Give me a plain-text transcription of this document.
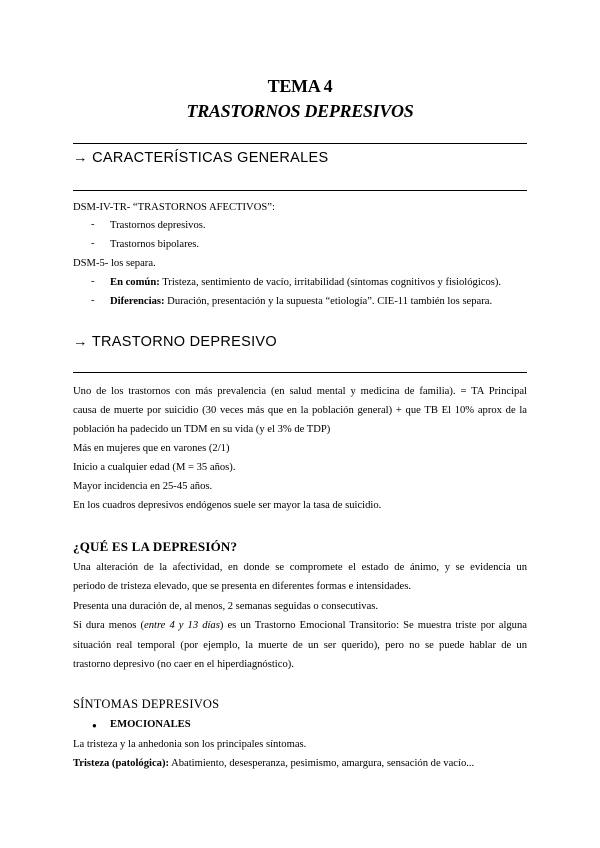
TEMA 4
TRASTORNOS DEPRESIVOS
→ CARACTERÍSTICAS GENERALES
DSM-IV-TR- “TRASTORNOS AFECTIVOS”:
- Trastornos depresivos.
- Trastornos bipolares.
DSM-5- los separa.
- En común: Tristeza, sentimiento de vacío, irritabilidad (síntomas cognitivos y fisiológicos).
- Diferencias: Duración, presentación y la supuesta “etiología”. CIE-11 también los separa.
→ TRASTORNO DEPRESIVO
Uno de los trastornos con más prevalencia (en salud mental y medicina de familia). = TA Principal
causa de muerte por suicidio (30 veces más que en la población general) + que TB El 10% aprox de la
población ha padecido un TDM en su vida (y el 3% de TDP)
Más en mujeres que en varones (2/1)
Inicio a cualquier edad (M = 35 años).
Mayor incidencia en 25-45 años.
En los cuadros depresivos endógenos suele ser mayor la tasa de suicidio.
¿QUÉ ES LA DEPRESIÓN?
Una alteración de la afectividad, en donde se compromete el estado de ánimo, y se evidencia un
periodo de tristeza elevado, que se presenta en diferentes formas e intensidades.
Presenta una duración de, al menos, 2 semanas seguidas o consecutivas.
Si dura menos (entre 4 y 13 días) es un Trastorno Emocional Transitorio: Se muestra triste por alguna
situación real temporal (por ejemplo, la muerte de un ser querido), pero no se puede hablar de un
trastorno depresivo (no caer en el hiperdiagnóstico).
SÍNTOMAS DEPRESIVOS
● EMOCIONALES
La tristeza y la anhedonia son los principales síntomas.
Tristeza (patológica): Abatimiento, desesperanza, pesimismo, amargura, sensación de vacío...
